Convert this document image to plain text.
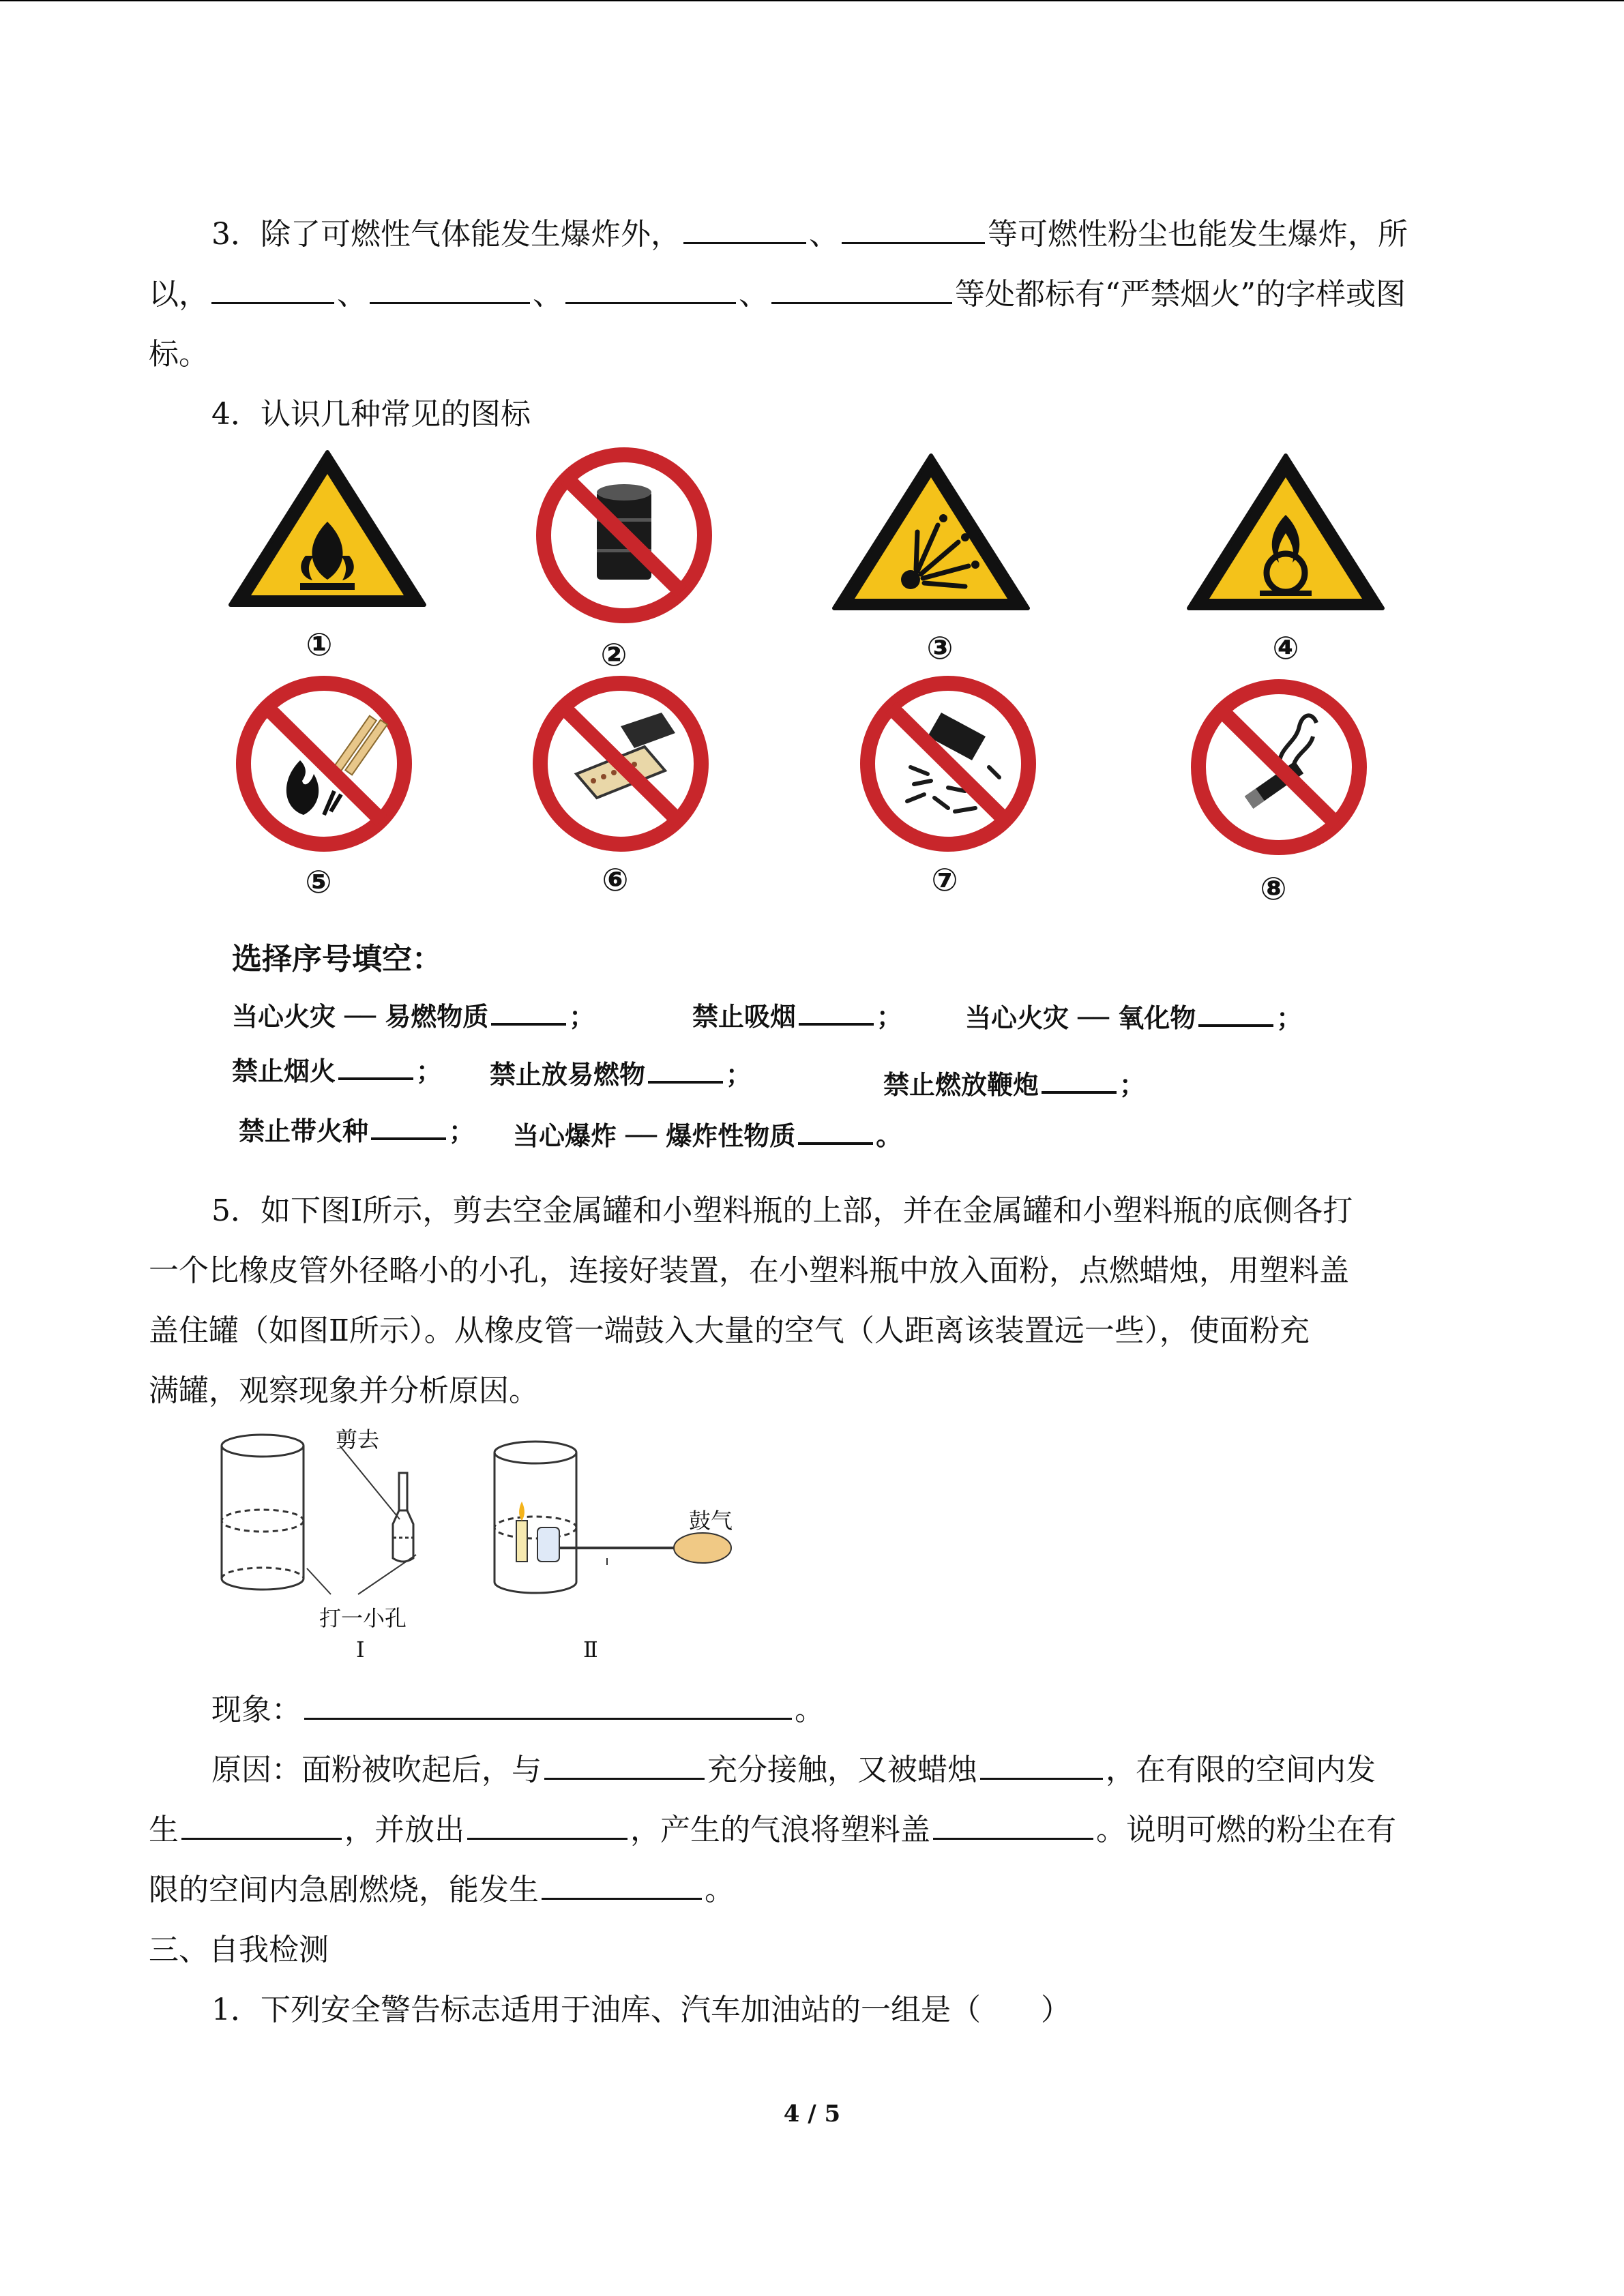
3．除了可燃性气体能发生爆炸外，	、	等可燃性粉尘也能发生爆炸，所

以，	、	、	、	等处都标有“严禁烟火”的字样或图

标。

4．认识几种常见的图标

①	②	③	④
⑤	⑥	⑦	⑧
选择序号填空：
当心火灾 ── 易燃物质	；	禁止吸烟	； 当心火灾 ── 氧化物	；
禁止烟火	； 禁止放易燃物	；	禁止燃放鞭炮	；
禁止带火种	； 当心爆炸 ── 爆炸性物质	。

5．如下图Ⅰ所示，剪去空金属罐和小塑料瓶的上部，并在金属罐和小塑料瓶的底侧各打

一个比橡皮管外径略小的小孔，连接好装置，在小塑料瓶中放入面粉，点燃蜡烛，用塑料盖

盖住罐（如图Ⅱ所示）。从橡皮管一端鼓入大量的空气（人距离该装置远一些），使面粉充

满罐，观察现象并分析原因。

剪去
打一小孔
鼓气
Ⅰ	Ⅱ

现象：	。

原因：面粉被吹起后，与	充分接触，又被蜡烛	，在有限的空间内发

生	，并放出	，产生的气浪将塑料盖	。说明可燃的粉尘在有

限的空间内急剧燃烧，能发生	。

三、自我检测

1．下列安全警告标志适用于油库、汽车加油站的一组是（　　）

4 / 5
